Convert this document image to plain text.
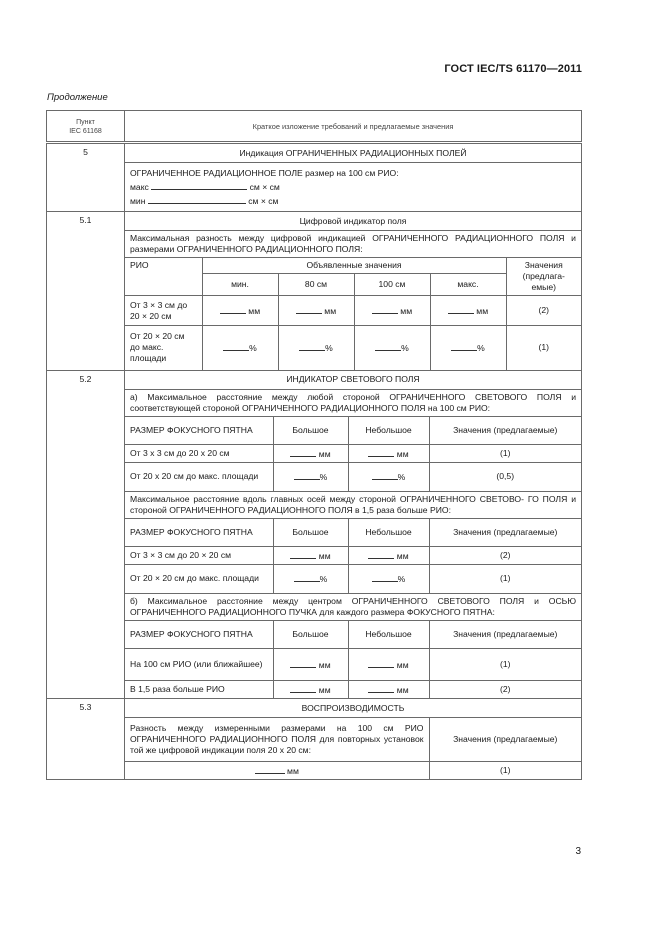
ГОСТ IEC/TS 61170—2011
Продолжение
Пункт
IEC 61168	Краткое изложение требований и предлагаемые значения
5		Индикация ОГРАНИЧЕННЫХ РАДИАЦИОННЫХ ПОЛЕЙ

ОГРАНИЧЕННОЕ РАДИАЦИОННОЕ ПОЛЕ размер на 100 см РИО:
макс	см × см
мин	см × см

5.1		Цифровой индикатор поля
Максимальная разность между цифровой индикацией ОГРАНИЧЕННОГО РАДИАЦИОННОГО ПОЛЯ и размерами ОГРАНИЧЕННОГО РАДИАЦИОННОГО ПОЛЯ:
РИО	Объявленные значения	Значения (предлага- емые)
мин.	80 см	100 см	макс.
От 3 × 3 см до 20 × 20 см	мм	мм	мм	мм	(2)
От 20 × 20 см до макс. площади	%	%	%	%	(1)

5.2		ИНДИКАТОР СВЕТОВОГО ПОЛЯ
а) Максимальное расстояние между любой стороной ОГРАНИЧЕННОГО СВЕТОВОГО ПОЛЯ и соответствующей стороной ОГРАНИЧЕННОГО РАДИАЦИОННОГО ПОЛЯ на 100 см РИО:
РАЗМЕР ФОКУСНОГО ПЯТНА	Большое	Небольшое	Значения (предлагаемые)
От 3 х 3 см до 20 х 20 см	мм	мм	(1)
От 20 х 20 см до макс. площади	%	%	(0,5)
Максимальное расстояние вдоль главных осей между стороной ОГРАНИЧЕННОГО СВЕТОВО- ГО ПОЛЯ и стороной ОГРАНИЧЕННОГО РАДИАЦИОННОГО ПОЛЯ в 1,5 раза больше РИО:
РАЗМЕР ФОКУСНОГО ПЯТНА	Большое	Небольшое	Значения (предлагаемые)
От 3 × 3 см до 20 × 20 см	мм	мм	(2)
От 20 × 20 см до макс. площади	%	%	(1)
б) Максимальное расстояние между центром ОГРАНИЧЕННОГО СВЕТОВОГО ПОЛЯ и ОСЬЮ ОГРАНИЧЕННОГО РАДИАЦИОННОГО ПУЧКА для каждого размера ФОКУСНОГО ПЯТНА:
РАЗМЕР ФОКУСНОГО ПЯТНА	Большое	Небольшое	Значения (предлагаемые)
На 100 см РИО (или ближайшее)	мм	мм	(1)
В 1,5 раза больше РИО	мм	мм	(2)

5.3		ВОСПРОИЗВОДИМОСТЬ
Разность между измеренными размерами на 100 см РИО ОГРАНИЧЕННОГО РАДИАЦИОННОГО ПОЛЯ для повторных установок той же цифровой индикации поля 20 х 20 см:	Значения (предлагаемые)
мм	(1)
3
